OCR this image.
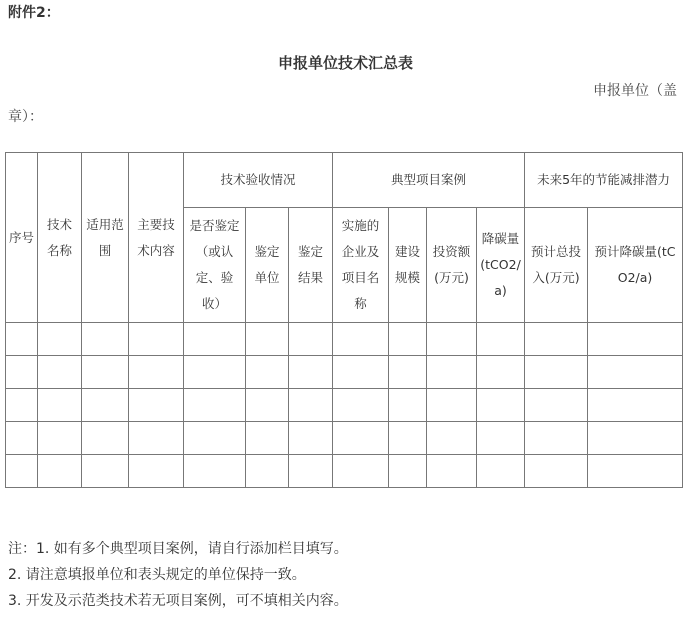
附件2：
申报单位技术汇总表
申报单位（盖
章）：
序号	技术名称	适用范围	主要技术内容	技术验收情况			典型项目案例				未来5年的节能减排潜力	
				是否鉴定（或认定、验收）	鉴定单位	鉴定结果	实施的企业及项目名称	建设规模	投资额(万元)	降碳量(tCO2/a)	预计总投入(万元)	预计降碳量(tCO2/a)

注：1. 如有多个典型项目案例，请自行添加栏目填写。
2. 请注意填报单位和表头规定的单位保持一致。
3. 开发及示范类技术若无项目案例，可不填相关内容。
